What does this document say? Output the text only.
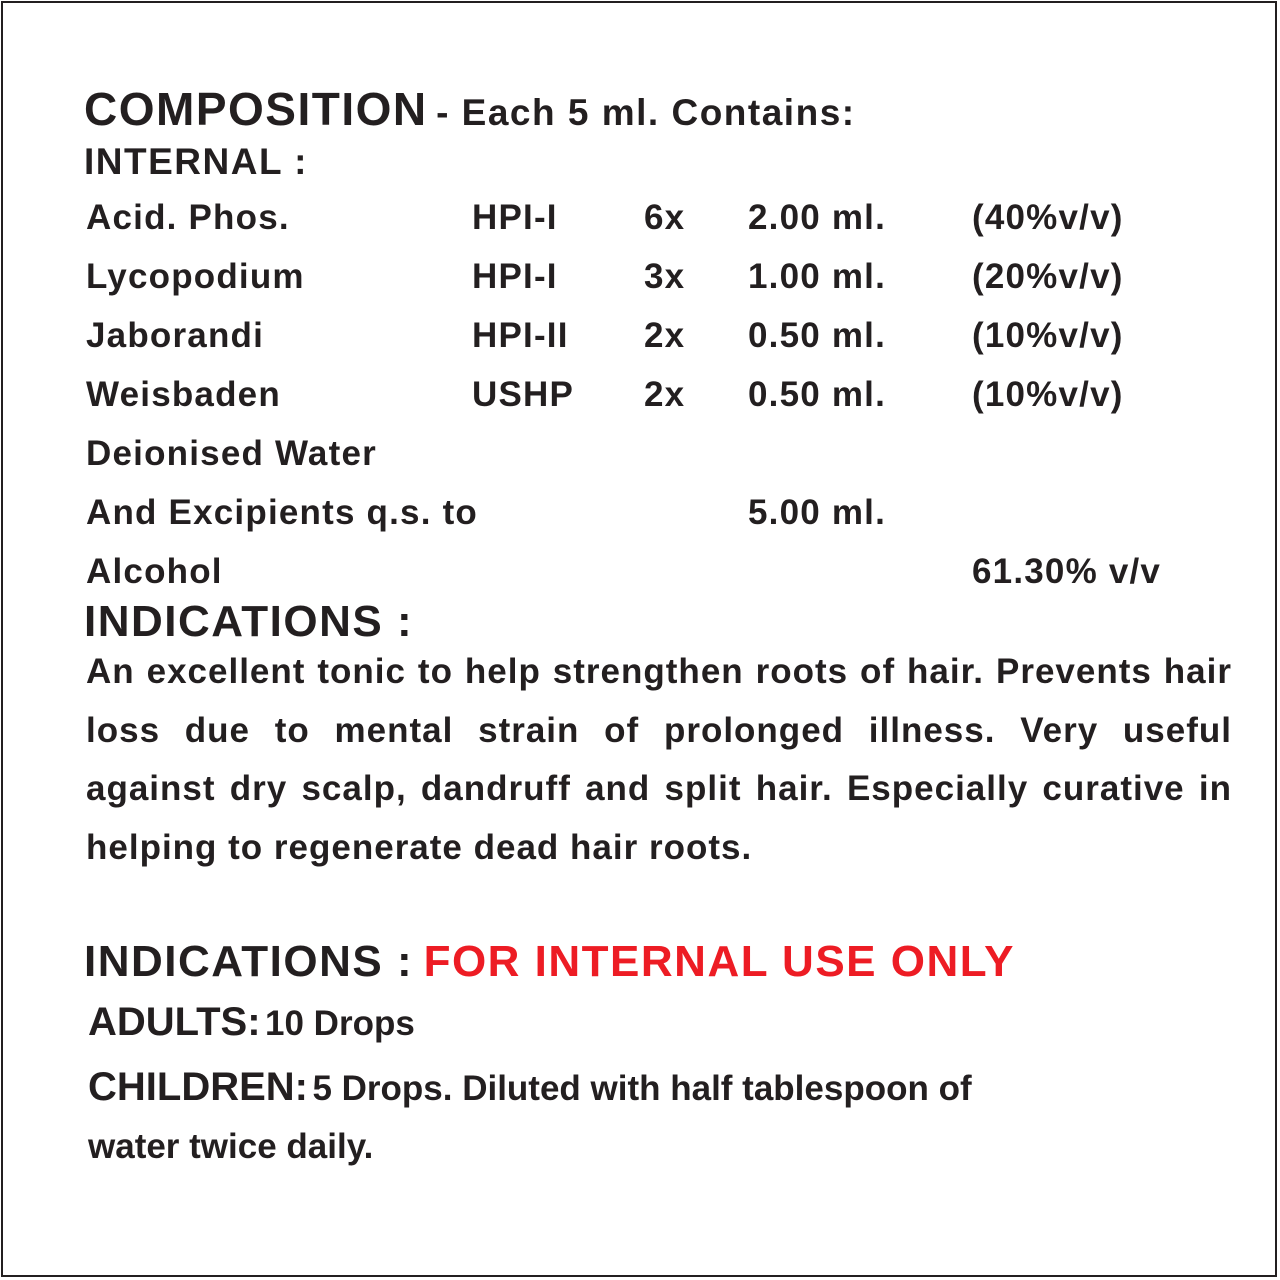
COMPOSITION - Each 5 ml. Contains:
INTERNAL :
Acid. Phos.	HPI-I 6x 2.00 ml. (40%v/v)
Lycopodium	HPI-I 3x 1.00 ml. (20%v/v)
Jaborandi	HPI-II 2x 0.50 ml. (10%v/v)
Weisbaden	USHP 2x 0.50 ml. (10%v/v)
Deionised Water
And Excipients q.s. to	5.00 ml.
Alcohol	61.30% v/v
INDICATIONS :
An excellent tonic to help strengthen roots of hair. Prevents hair loss due to mental strain of prolonged illness. Very useful against dry scalp, dandruff and split hair. Especially curative in helping to regenerate dead hair roots.
INDICATIONS : FOR INTERNAL USE ONLY
ADULTS: 10 Drops
CHILDREN: 5 Drops. Diluted with half tablespoon of
water twice daily.
